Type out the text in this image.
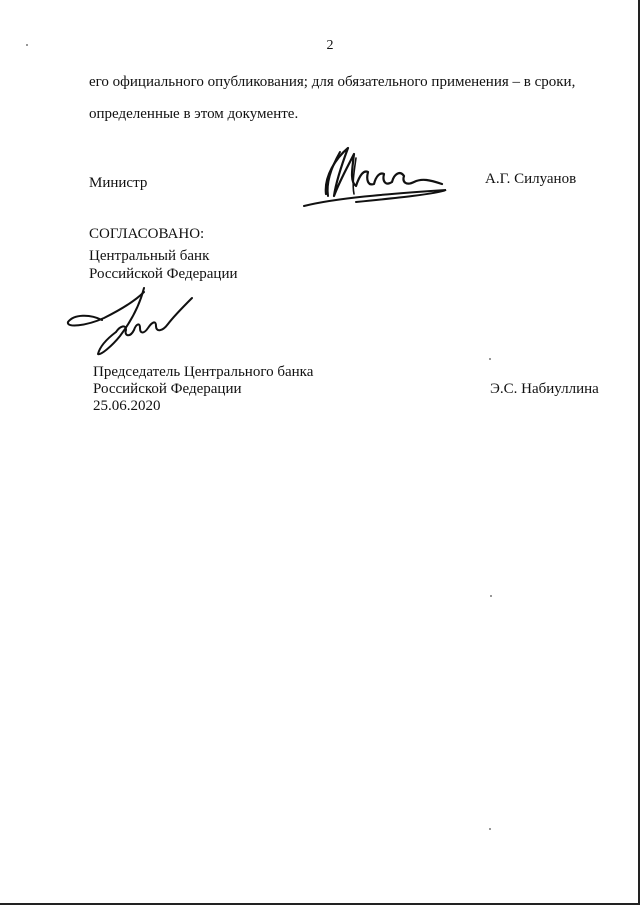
2
его официального опубликования; для обязательного применения – в сроки,
определенные в этом документе.
Министр	А.Г. Силуанов
СОГЛАСОВАНО:
Центральный банк
Российской Федерации
Председатель Центрального банка
Российской Федерации
25.06.2020
Э.С. Набиуллина
